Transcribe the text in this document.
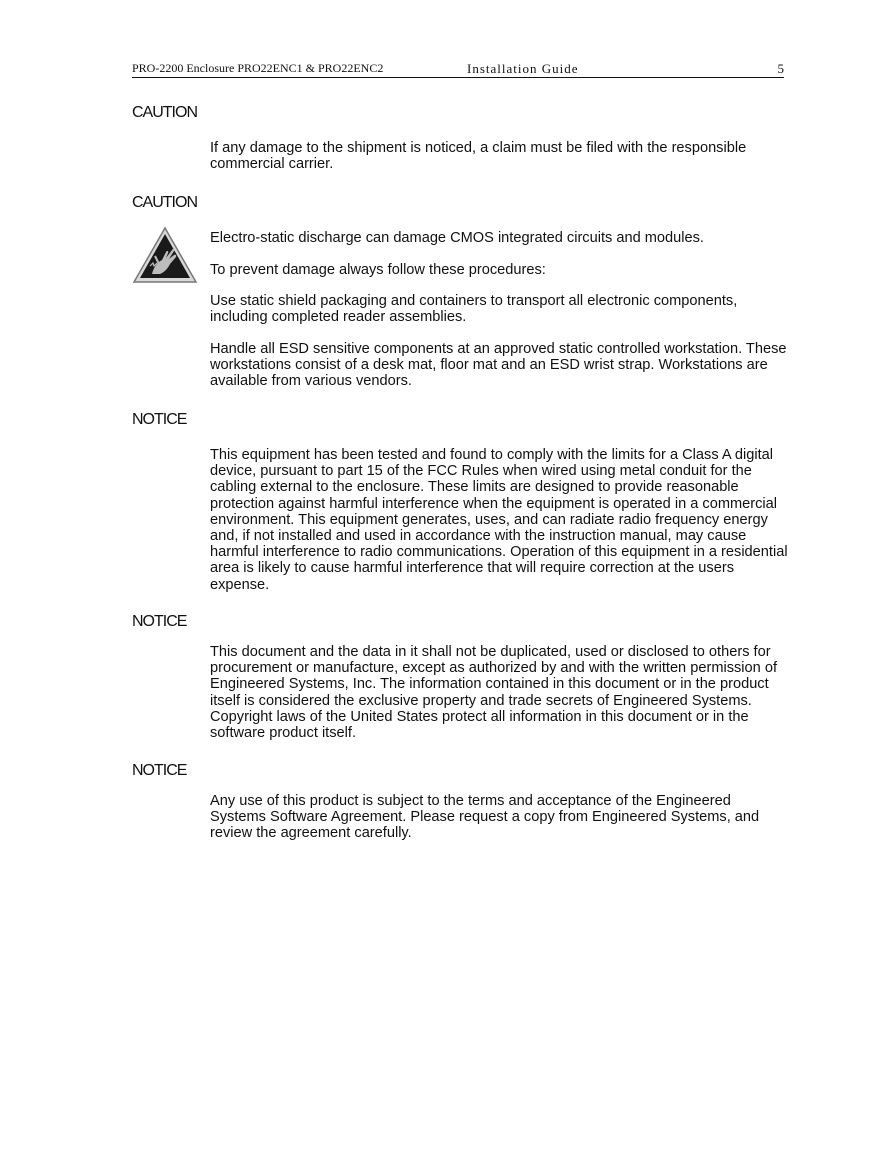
PRO-2200 Enclosure PRO22ENC1 & PRO22ENC2	Installation Guide	5
CAUTION

If any damage to the shipment is noticed, a claim must be filed with the responsible commercial carrier.

CAUTION

Electro-static discharge can damage CMOS integrated circuits and modules.

To prevent damage always follow these procedures:

Use static shield packaging and containers to transport all electronic components, including completed reader assemblies.

Handle all ESD sensitive components at an approved static controlled workstation. These workstations consist of a desk mat, floor mat and an ESD wrist strap. Workstations are available from various vendors.

NOTICE

This equipment has been tested and found to comply with the limits for a Class A digital device, pursuant to part 15 of the FCC Rules when wired using metal conduit for the cabling external to the enclosure. These limits are designed to provide reasonable protection against harmful interference when the equipment is operated in a commercial environment. This equipment generates, uses, and can radiate radio frequency energy and, if not installed and used in accordance with the instruction manual, may cause harmful interference to radio communications. Operation of this equipment in a residential area is likely to cause harmful interference that will require correction at the users expense.

NOTICE

This document and the data in it shall not be duplicated, used or disclosed to others for procurement or manufacture, except as authorized by and with the written permission of Engineered Systems, Inc. The information contained in this document or in the product itself is considered the exclusive property and trade secrets of Engineered Systems. Copyright laws of the United States protect all information in this document or in the software product itself.

NOTICE

Any use of this product is subject to the terms and acceptance of the Engineered Systems Software Agreement. Please request a copy from Engineered Systems, and review the agreement carefully.
